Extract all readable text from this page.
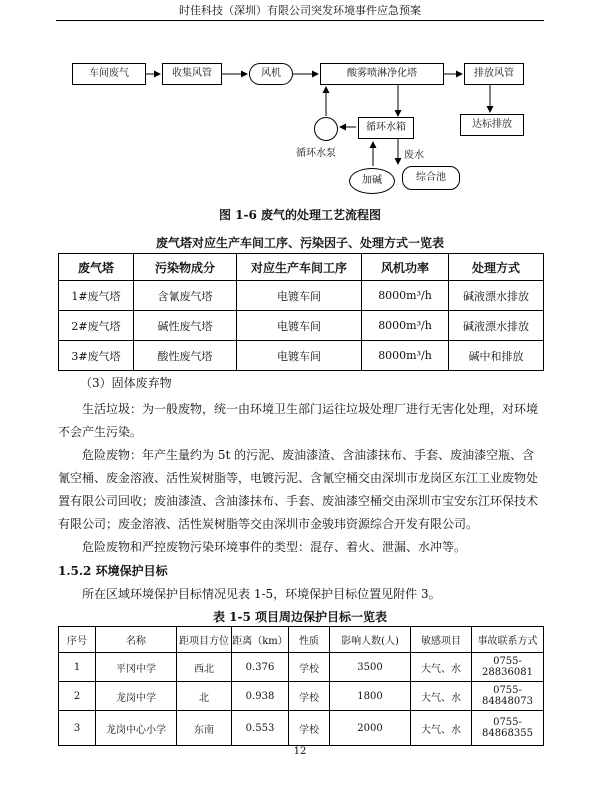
时佳科技（深圳）有限公司突发环境事件应急预案
车间废气	收集风管	风机	酸雾喷淋净化塔	排放风管
达标排放
循环水箱
循环水泵	废水
加碱	综合池
图 1-6 废气的处理工艺流程图
废气塔对应生产车间工序、污染因子、处理方式一览表
废气塔	污染物成分	对应生产车间工序	风机功率	处理方式
1#废气塔	含氰废气塔	电镀车间	8000m³/h	碱液漂水排放
2#废气塔	碱性废气塔	电镀车间	8000m³/h	碱液漂水排放
3#废气塔	酸性废气塔	电镀车间	8000m³/h	碱中和排放
（3）固体废弃物
生活垃圾：为一般废物，统一由环境卫生部门运往垃圾处理厂进行无害化处理，对环境不会产生污染。
危险废物：年产生量约为 5t 的污泥、废油漆渣、含油漆抹布、手套、废油漆空瓶、含氰空桶、废金溶液、活性炭树脂等，电镀污泥、含氰空桶交由深圳市龙岗区东江工业废物处置有限公司回收；废油漆渣、含油漆抹布、手套、废油漆空桶交由深圳市宝安东江环保技术有限公司；废金溶液、活性炭树脂等交由深圳市金骏玮资源综合开发有限公司。
危险废物和严控废物污染环境事件的类型：混存、着火、泄漏、水冲等。
1.5.2 环境保护目标
所在区域环境保护目标情况见表 1-5，环境保护目标位置见附件 3。
表 1-5 项目周边保护目标一览表
序号	名称	距项目方位	距离（km）	性质	影响人数(人)	敏感项目	事故联系方式
1	平冈中学	西北	0.376	学校	3500	大气、水	0755-28836081
2	龙岗中学	北	0.938	学校	1800	大气、水	0755-84848073
3	龙岗中心小学	东南	0.553	学校	2000	大气、水	0755-84868355
12
